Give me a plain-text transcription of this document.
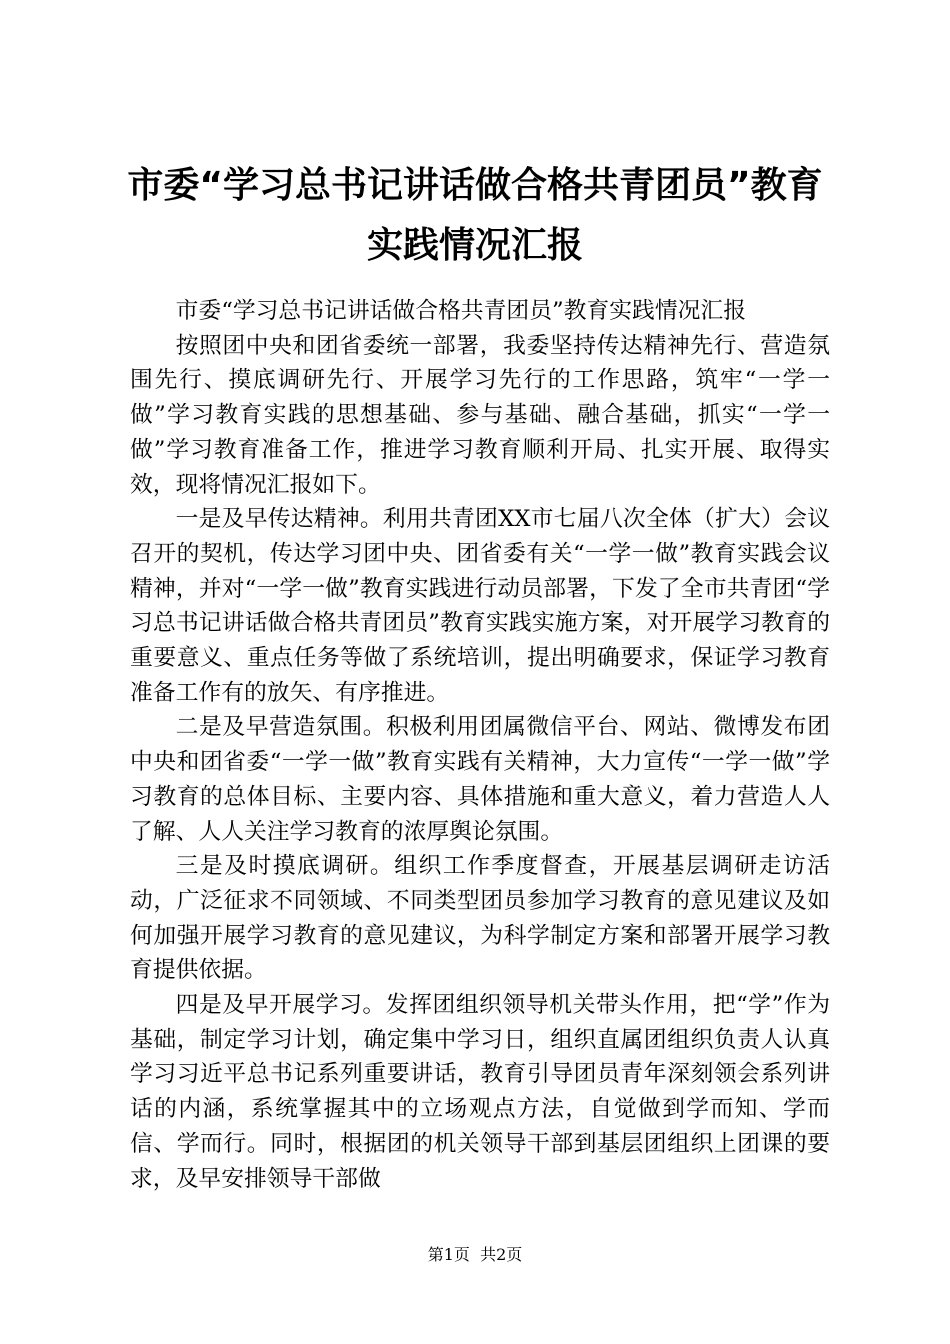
市委“学习总书记讲话做合格共青团员”教育
实践情况汇报

市委“学习总书记讲话做合格共青团员”教育实践情况汇报

按照团中央和团省委统一部署，我委坚持传达精神先行、营造氛围先行、摸底调研先行、开展学习先行的工作思路，筑牢“一学一做”学习教育实践的思想基础、参与基础、融合基础，抓实“一学一做”学习教育准备工作，推进学习教育顺利开局、扎实开展、取得实效，现将情况汇报如下。

一是及早传达精神。利用共青团XX市七届八次全体（扩大）会议召开的契机，传达学习团中央、团省委有关“一学一做”教育实践会议精神，并对“一学一做”教育实践进行动员部署，下发了全市共青团“学习总书记讲话做合格共青团员”教育实践实施方案，对开展学习教育的重要意义、重点任务等做了系统培训，提出明确要求，保证学习教育准备工作有的放矢、有序推进。

二是及早营造氛围。积极利用团属微信平台、网站、微博发布团中央和团省委“一学一做”教育实践有关精神，大力宣传“一学一做”学习教育的总体目标、主要内容、具体措施和重大意义，着力营造人人了解、人人关注学习教育的浓厚舆论氛围。

三是及时摸底调研。组织工作季度督查，开展基层调研走访活动，广泛征求不同领域、不同类型团员参加学习教育的意见建议及如何加强开展学习教育的意见建议，为科学制定方案和部署开展学习教育提供依据。

四是及早开展学习。发挥团组织领导机关带头作用，把“学”作为基础，制定学习计划，确定集中学习日，组织直属团组织负责人认真学习习近平总书记系列重要讲话，教育引导团员青年深刻领会系列讲话的内涵，系统掌握其中的立场观点方法，自觉做到学而知、学而信、学而行。同时，根据团的机关领导干部到基层团组织上团课的要求，及早安排领导干部做

第1页 共2页
